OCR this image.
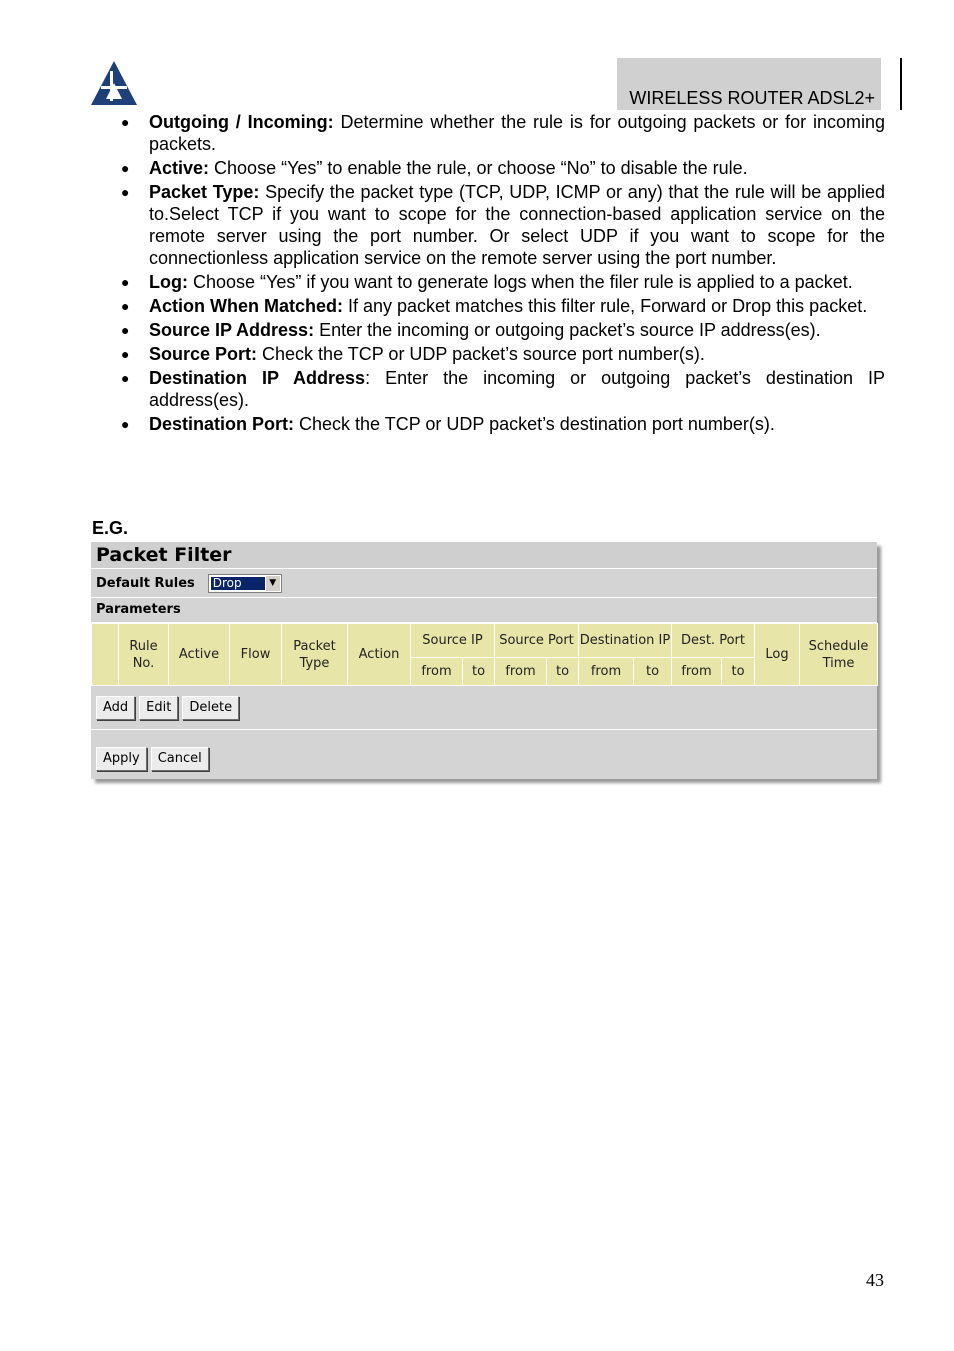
WIRELESS ROUTER ADSL2+
● Outgoing / Incoming: Determine whether the rule is for outgoing packets or for incoming packets.
● Active: Choose “Yes” to enable the rule, or choose “No” to disable the rule.
● Packet Type: Specify the packet type (TCP, UDP, ICMP or any) that the rule will be applied to.Select TCP if you want to scope for the connection-based application service on the remote server using the port number. Or select UDP if you want to scope for the connectionless application service on the remote server using the port number.
● Log: Choose “Yes” if you want to generate logs when the filer rule is applied to a packet.
● Action When Matched: If any packet matches this filter rule, Forward or Drop this packet.
● Source IP Address: Enter the incoming or outgoing packet’s source IP address(es).
● Source Port: Check the TCP or UDP packet’s source port number(s).
● Destination IP Address: Enter the incoming or outgoing packet’s destination IP address(es).
● Destination Port: Check the TCP or UDP packet’s destination port number(s).
E.G.
Packet Filter
Default Rules Drop	▼
Parameters
	Rule No.	Active	Flow	Packet Type	Action	Source IP		Source Port		Destination IP		Dest. Port		Log	Schedule Time
						from	to	from	to	from	to	from	to		
Add	Edit	Delete
Apply	Cancel
43
